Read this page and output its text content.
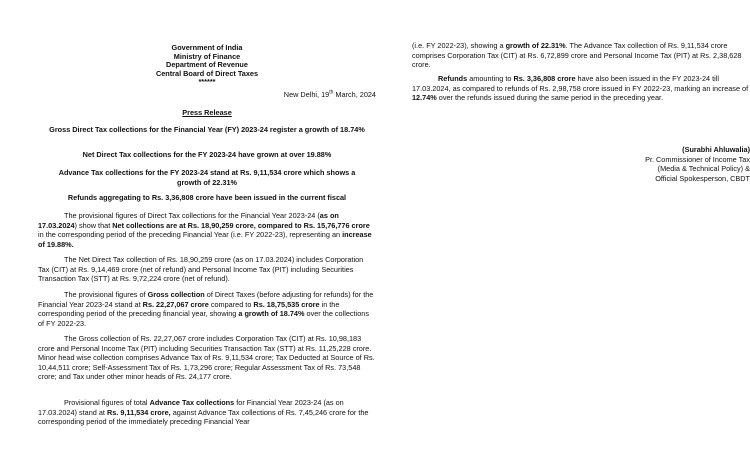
Government of India

Ministry of Finance

Department of Revenue

Central Board of Direct Taxes

******

New Delhi, 19th March, 2024

Press Release

Gross Direct Tax collections for the Financial Year (FY) 2023-24 register a growth of 18.74%

Net Direct Tax collections for the FY 2023-24 have grown at over 19.88%

Advance Tax collections for the FY 2023-24 stand at Rs. 9,11,534 crore which shows a growth of 22.31%

Refunds aggregating to Rs. 3,36,808 crore have been issued in the current fiscal

The provisional figures of Direct Tax collections for the Financial Year 2023-24 (as on 17.03.2024) show that Net collections are at Rs. 18,90,259 crore, compared to Rs. 15,76,776 crore in the corresponding period of the preceding Financial Year (i.e. FY 2022-23), representing an increase of 19.88%.

The Net Direct Tax collection of Rs. 18,90,259 crore (as on 17.03.2024) includes Corporation Tax (CIT) at Rs. 9,14,469 crore (net of refund) and Personal Income Tax (PIT) including Securities Transaction Tax (STT) at Rs. 9,72,224 crore (net of refund).

The provisional figures of Gross collection of Direct Taxes (before adjusting for refunds) for the Financial Year 2023-24 stand at Rs. 22,27,067 crore compared to Rs. 18,75,535 crore in the corresponding period of the preceding financial year, showing a growth of 18.74% over the collections of FY 2022-23.

The Gross collection of Rs. 22,27,067 crore includes Corporation Tax (CIT) at Rs. 10,98,183 crore and Personal Income Tax (PIT) including Securities Transaction Tax (STT) at Rs. 11,25,228 crore. Minor head wise collection comprises Advance Tax of Rs. 9,11,534 crore; Tax Deducted at Source of Rs. 10,44,511 crore; Self-Assessment Tax of Rs. 1,73,296 crore; Regular Assessment Tax of Rs. 73,548 crore; and Tax under other minor heads of Rs. 24,177 crore.

Provisional figures of total Advance Tax collections for Financial Year 2023-24 (as on 17.03.2024) stand at Rs. 9,11,534 crore, against Advance Tax collections of Rs. 7,45,246 crore for the corresponding period of the immediately preceding Financial Year

(i.e. FY 2022-23), showing a growth of 22.31%. The Advance Tax collection of Rs. 9,11,534 crore comprises Corporation Tax (CIT) at Rs. 6,72,899 crore and Personal Income Tax (PIT) at Rs. 2,38,628 crore.

Refunds amounting to Rs. 3,36,808 crore have also been issued in the FY 2023-24 till 17.03.2024, as compared to refunds of Rs. 2,98,758 crore issued in FY 2022-23, marking an increase of 12.74% over the refunds issued during the same period in the preceding year.

(Surabhi Ahluwalia)

Pr. Commissioner of Income Tax

(Media & Technical Policy) &

Official Spokesperson, CBDT
